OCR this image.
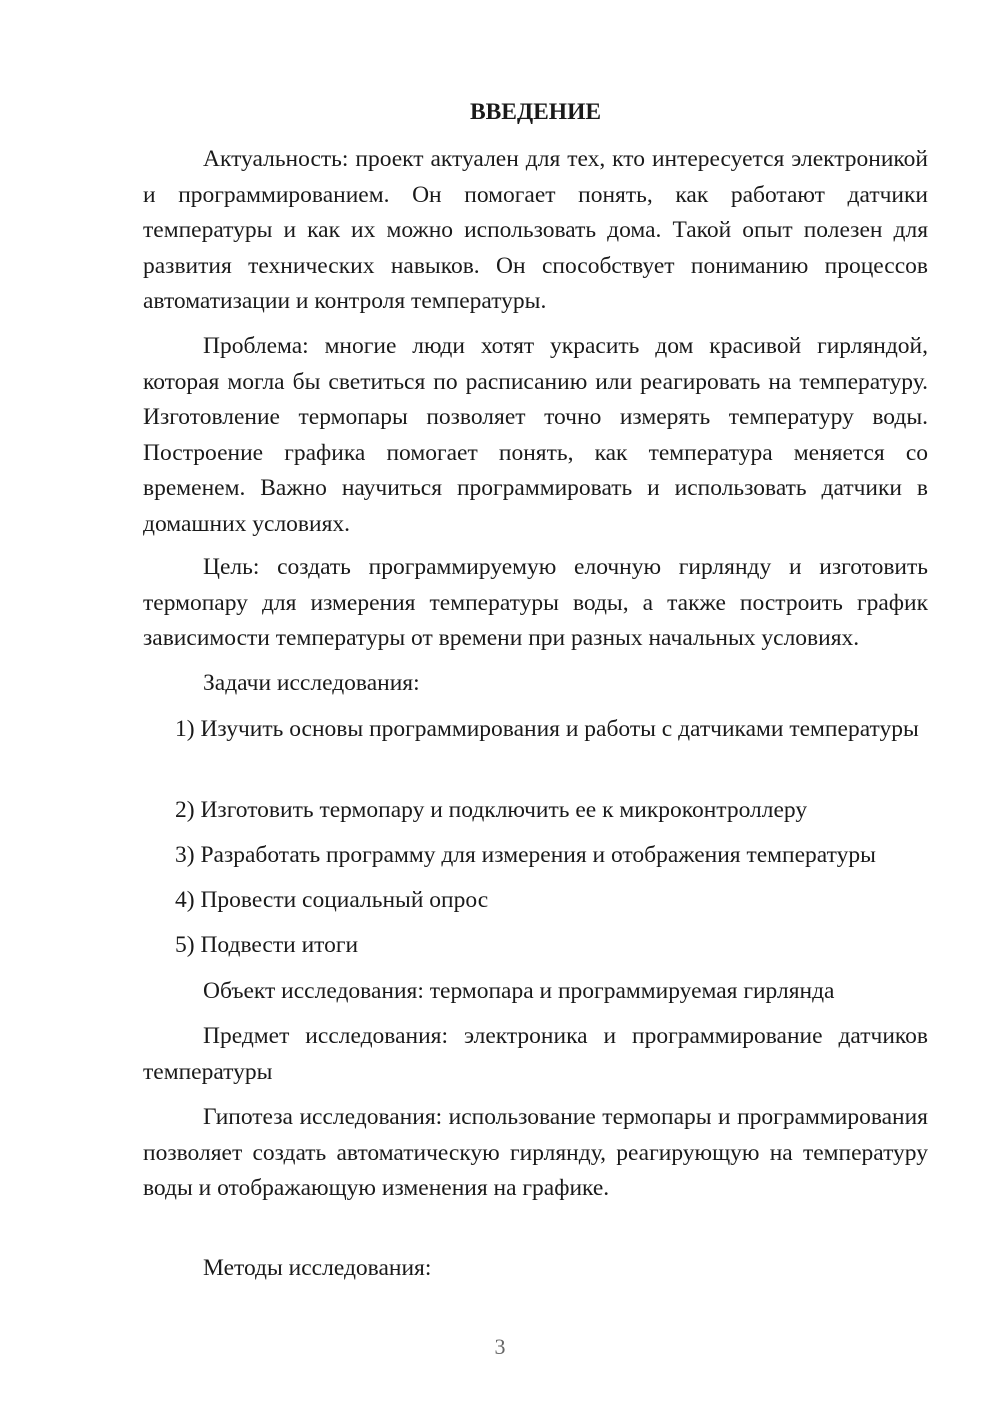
ВВЕДЕНИЕ

Актуальность: проект актуален для тех, кто интересуется электроникой и программированием. Он помогает понять, как работают датчики температуры и как их можно использовать дома. Такой опыт полезен для развития технических навыков. Он способствует пониманию процессов автоматизации и контроля температуры.

Проблема: многие люди хотят украсить дом красивой гирляндой, которая могла бы светиться по расписанию или реагировать на температуру. Изготовление термопары позволяет точно измерять температуру воды. Построение графика помогает понять, как температура меняется со временем. Важно научиться программировать и использовать датчики в домашних условиях.

Цель: создать программируемую елочную гирлянду и изготовить термопару для измерения температуры воды, а также построить график зависимости температуры от времени при разных начальных условиях.

Задачи исследования:

1) Изучить основы программирования и работы с датчиками температуры

2) Изготовить термопару и подключить ее к микроконтроллеру

3) Разработать программу для измерения и отображения температуры

4) Провести социальный опрос

5) Подвести итоги

Объект исследования: термопара и программируемая гирлянда

Предмет исследования: электроника и программирование датчиков температуры

Гипотеза исследования: использование термопары и программирования позволяет создать автоматическую гирлянду, реагирующую на температуру воды и отображающую изменения на графике.

Методы исследования:

3
